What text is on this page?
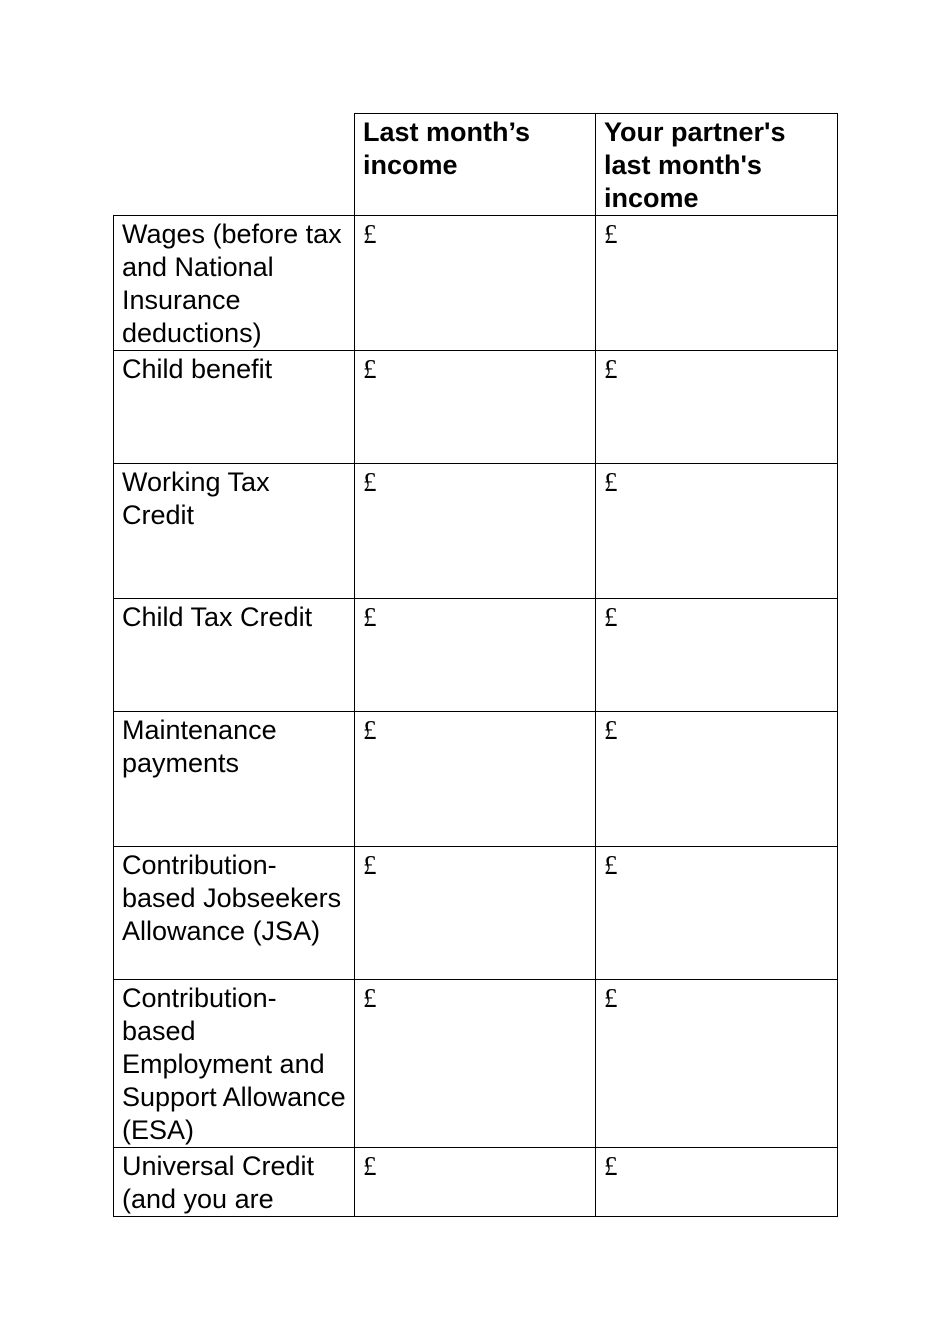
	Last month’s income	Your partner's last month's income
Wages (before tax and National Insurance deductions)	£	£
Child benefit	£	£
Working Tax Credit	£	£
Child Tax Credit	£	£
Maintenance payments	£	£
Contribution-based Jobseekers Allowance (JSA)	£	£
Contribution-based Employment and Support Allowance (ESA)	£	£
Universal Credit (and you are	£	£
